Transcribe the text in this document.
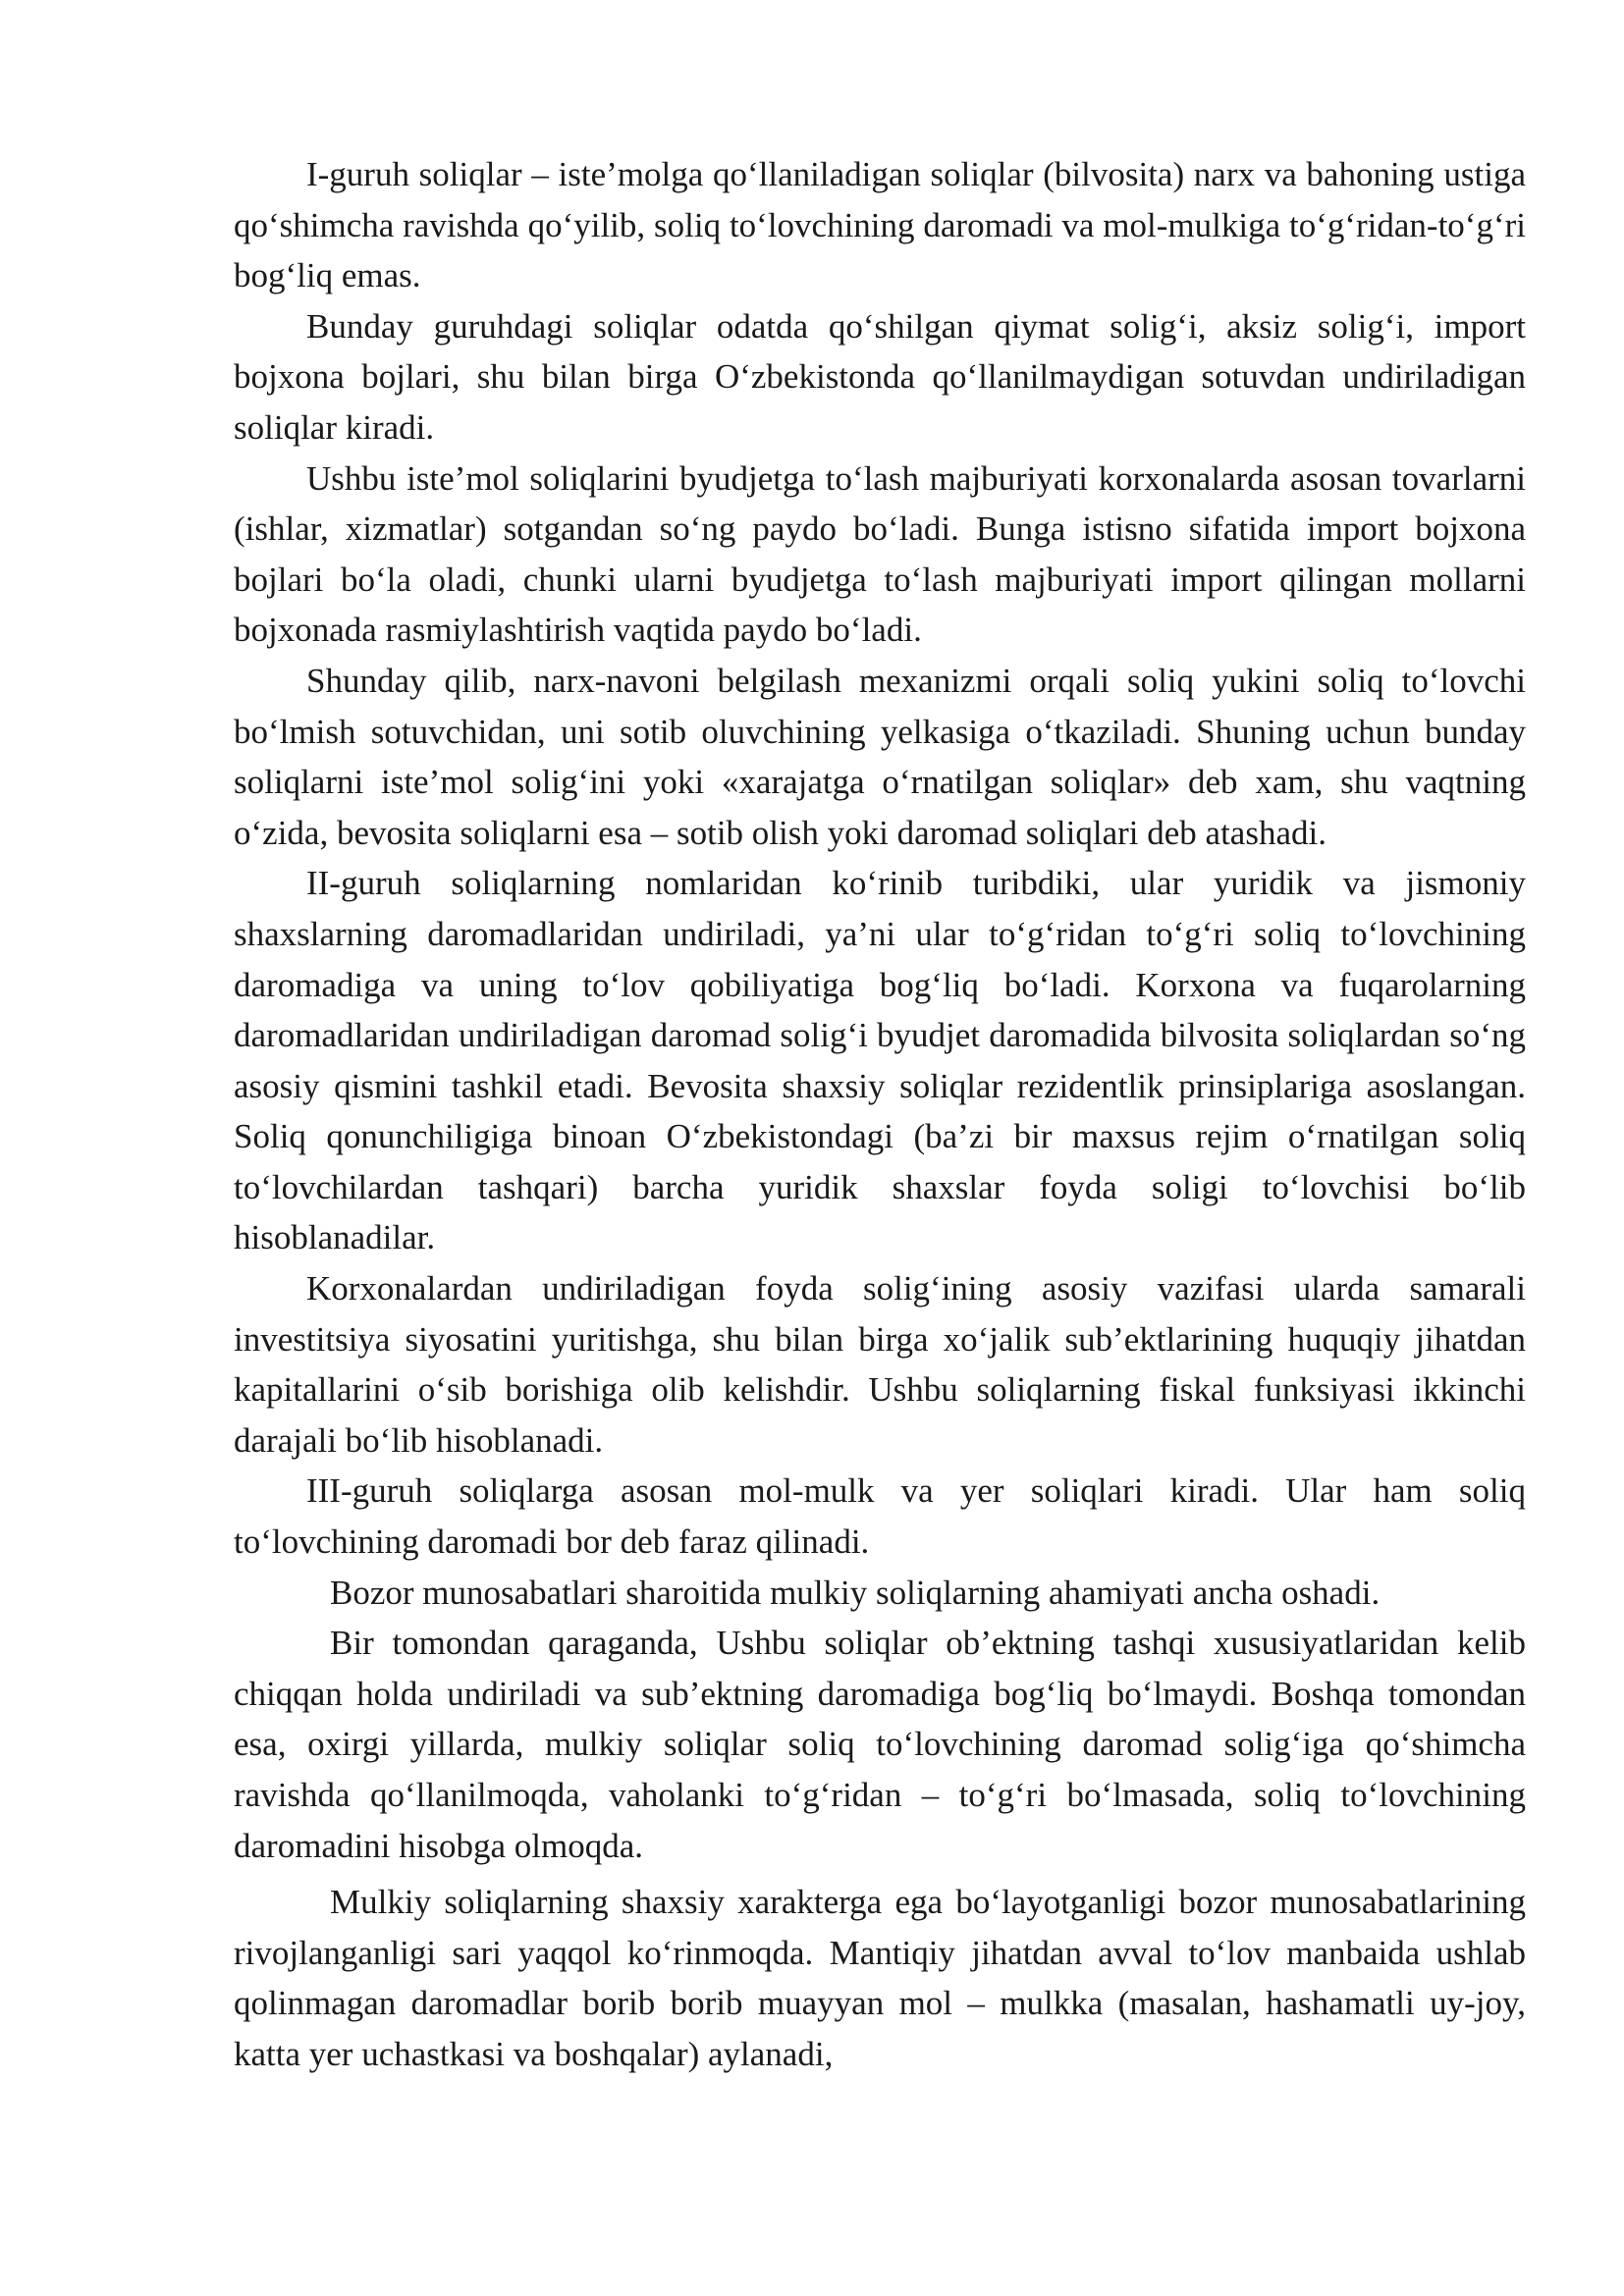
I-guruh soliqlar – iste’molga qo‘llaniladigan soliqlar (bilvosita) narx va bahoning ustiga qo‘shimcha ravishda qo‘yilib, soliq to‘lovchining daromadi va mol-mulkiga to‘g‘ridan-to‘g‘ri bog‘liq emas.

Bunday guruhdagi soliqlar odatda qo‘shilgan qiymat solig‘i, aksiz solig‘i, import bojxona bojlari, shu bilan birga O‘zbekistonda qo‘llanilmaydigan sotuvdan undiriladigan soliqlar kiradi.

Ushbu iste’mol soliqlarini byudjetga to‘lash majburiyati korxonalarda asosan tovarlarni (ishlar, xizmatlar) sotgandan so‘ng paydo bo‘ladi. Bunga istisno sifatida import bojxona bojlari bo‘la oladi, chunki ularni byudjetga to‘lash majburiyati import qilingan mollarni bojxonada rasmiylashtirish vaqtida paydo bo‘ladi.

Shunday qilib, narx-navoni belgilash mexanizmi orqali soliq yukini soliq to‘lovchi bo‘lmish sotuvchidan, uni sotib oluvchining yelkasiga o‘tkaziladi. Shuning uchun bunday soliqlarni iste’mol solig‘ini yoki «xarajatga o‘rnatilgan soliqlar» deb xam, shu vaqtning o‘zida, bevosita soliqlarni esa – sotib olish yoki daromad soliqlari deb atashadi.

II-guruh soliqlarning nomlaridan ko‘rinib turibdiki, ular yuridik va jismoniy shaxslarning daromadlaridan undiriladi, ya’ni ular to‘g‘ridan to‘g‘ri soliq to‘lovchining daromadiga va uning to‘lov qobiliyatiga bog‘liq bo‘ladi. Korxona va fuqarolarning daromadlaridan undiriladigan daromad solig‘i byudjet daromadida bilvosita soliqlardan so‘ng asosiy qismini tashkil etadi. Bevosita shaxsiy soliqlar rezidentlik prinsiplariga asoslangan. Soliq qonunchiligiga binoan O‘zbekistondagi (ba’zi bir maxsus rejim o‘rnatilgan soliq to‘lovchilardan tashqari) barcha yuridik shaxslar foyda soligi to‘lovchisi bo‘lib hisoblanadilar.

Korxonalardan undiriladigan foyda solig‘ining asosiy vazifasi ularda samarali investitsiya siyosatini yuritishga, shu bilan birga xo‘jalik sub’ektlarining huquqiy jihatdan kapitallarini o‘sib borishiga olib kelishdir. Ushbu soliqlarning fiskal funksiyasi ikkinchi darajali bo‘lib hisoblanadi.

III-guruh soliqlarga asosan mol-mulk va yer soliqlari kiradi. Ular ham soliq to‘lovchining daromadi bor deb faraz qilinadi.

Bozor munosabatlari sharoitida mulkiy soliqlarning ahamiyati ancha oshadi.

Bir tomondan qaraganda, Ushbu soliqlar ob’ektning tashqi xususiyatlaridan kelib chiqqan holda undiriladi va sub’ektning daromadiga bog‘liq bo‘lmaydi. Boshqa tomondan esa, oxirgi yillarda, mulkiy soliqlar soliq to‘lovchining daromad solig‘iga qo‘shimcha ravishda qo‘llanilmoqda, vaholanki to‘g‘ridan – to‘g‘ri bo‘lmasada, soliq to‘lovchining daromadini hisobga olmoqda.

Mulkiy soliqlarning shaxsiy xarakterga ega bo‘layotganligi bozor munosabatlarining rivojlanganligi sari yaqqol ko‘rinmoqda. Mantiqiy jihatdan avval to‘lov manbaida ushlab qolinmagan daromadlar borib borib muayyan mol – mulkka (masalan, hashamatli uy-joy, katta yer uchastkasi va boshqalar) aylanadi,
